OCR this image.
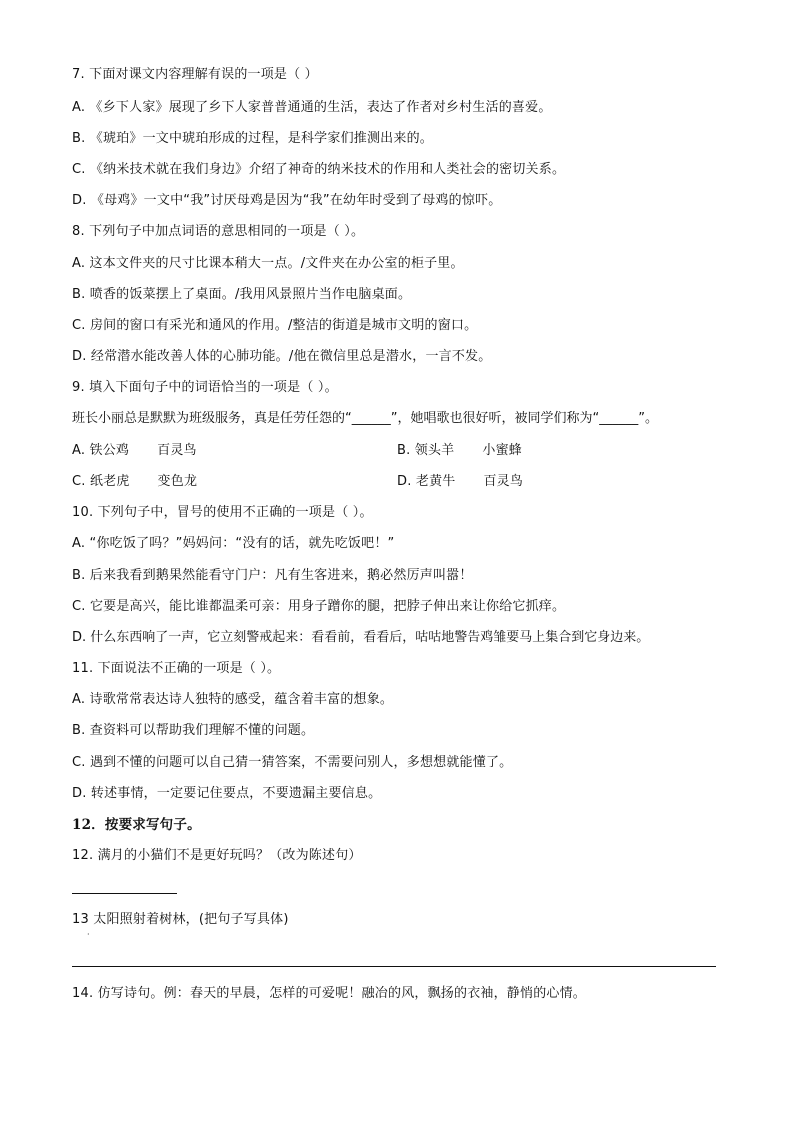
7. 下面对课文内容理解有误的一项是（ ）
A. 《乡下人家》展现了乡下人家普普通通的生活，表达了作者对乡村生活的喜爱。
B. 《琥珀》一文中琥珀形成的过程，是科学家们推测出来的。
C. 《纳米技术就在我们身边》介绍了神奇的纳米技术的作用和人类社会的密切关系。
D. 《母鸡》一文中“我”讨厌母鸡是因为“我”在幼年时受到了母鸡的惊吓。
8. 下列句子中加点词语的意思相同的一项是（ ）。
A. 这本文件夹的尺寸比课本稍大一点。/文件夹在办公室的柜子里。
B. 喷香的饭菜摆上了桌面。/我用风景照片当作电脑桌面。
C. 房间的窗口有采光和通风的作用。/整洁的街道是城市文明的窗口。
D. 经常潜水能改善人体的心肺功能。/他在微信里总是潜水，一言不发。
9. 填入下面句子中的词语恰当的一项是（ ）。
班长小丽总是默默为班级服务，真是任劳任怨的“______”，她唱歌也很好听，被同学们称为“______”。
A. 铁公鸡 百灵鸟	B. 领头羊 小蜜蜂
C. 纸老虎 变色龙	D. 老黄牛 百灵鸟
10. 下列句子中，冒号的使用不正确的一项是（ ）。
A. “你吃饭了吗？”妈妈问：“没有的话，就先吃饭吧！”
B. 后来我看到鹅果然能看守门户：凡有生客进来，鹅必然厉声叫嚣！
C. 它要是高兴，能比谁都温柔可亲：用身子蹭你的腿，把脖子伸出来让你给它抓痒。
D. 什么东西响了一声，它立刻警戒起来：看看前，看看后，咕咕地警告鸡雏要马上集合到它身边来。
11. 下面说法不正确的一项是（ ）。
A. 诗歌常常表达诗人独特的感受，蕴含着丰富的想象。
B. 查资料可以帮助我们理解不懂的问题。
C. 遇到不懂的问题可以自己猜一猜答案，不需要问别人，多想想就能懂了。
D. 转述事情，一定要记住要点，不要遗漏主要信息。
12．按要求写句子。
12. 满月的小猫们不是更好玩吗？（改为陈述句）
13 太阳照射着树林，(把句子写具体)
·
14. 仿写诗句。例：春天的早晨，怎样的可爱呢！融冶的风，飘扬的衣袖，静悄的心情。
